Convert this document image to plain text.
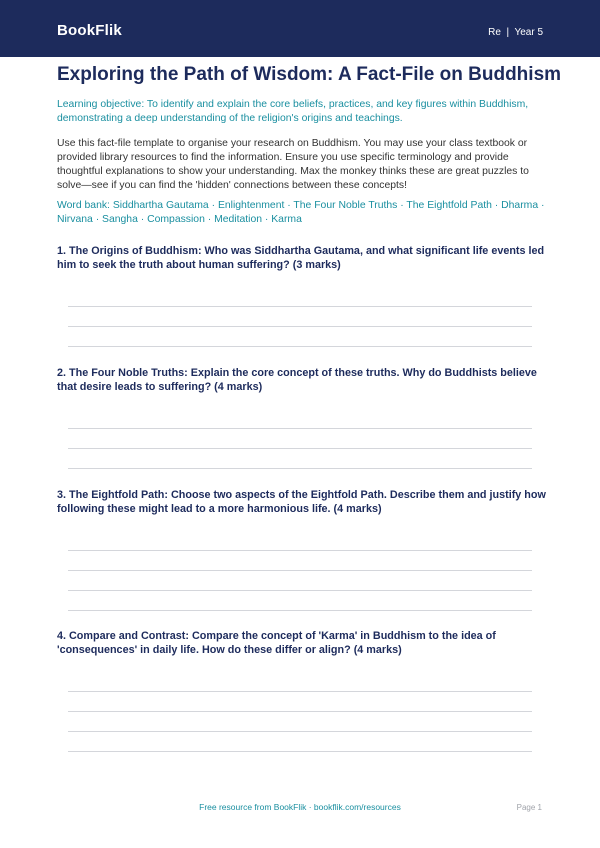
BookFlik	Re  |  Year 5
Exploring the Path of Wisdom: A Fact-File on Buddhism

Learning objective: To identify and explain the core beliefs, practices, and key figures within Buddhism, demonstrating a deep understanding of the religion's origins and teachings.

Use this fact-file template to organise your research on Buddhism. You may use your class textbook or provided library resources to find the information. Ensure you use specific terminology and provide thoughtful explanations to show your understanding. Max the monkey thinks these are great puzzles to solve—see if you can find the 'hidden' connections between these concepts!

Word bank: Siddhartha Gautama · Enlightenment · The Four Noble Truths · The Eightfold Path · Dharma · Nirvana · Sangha · Compassion · Meditation · Karma

1. The Origins of Buddhism: Who was Siddhartha Gautama, and what significant life events led him to seek the truth about human suffering? (3 marks)

2. The Four Noble Truths: Explain the core concept of these truths. Why do Buddhists believe that desire leads to suffering? (4 marks)

3. The Eightfold Path: Choose two aspects of the Eightfold Path. Describe them and justify how following these might lead to a more harmonious life. (4 marks)

4. Compare and Contrast: Compare the concept of 'Karma' in Buddhism to the idea of 'consequences' in daily life. How do these differ or align? (4 marks)

Free resource from BookFlik · bookflik.com/resources	Page 1
